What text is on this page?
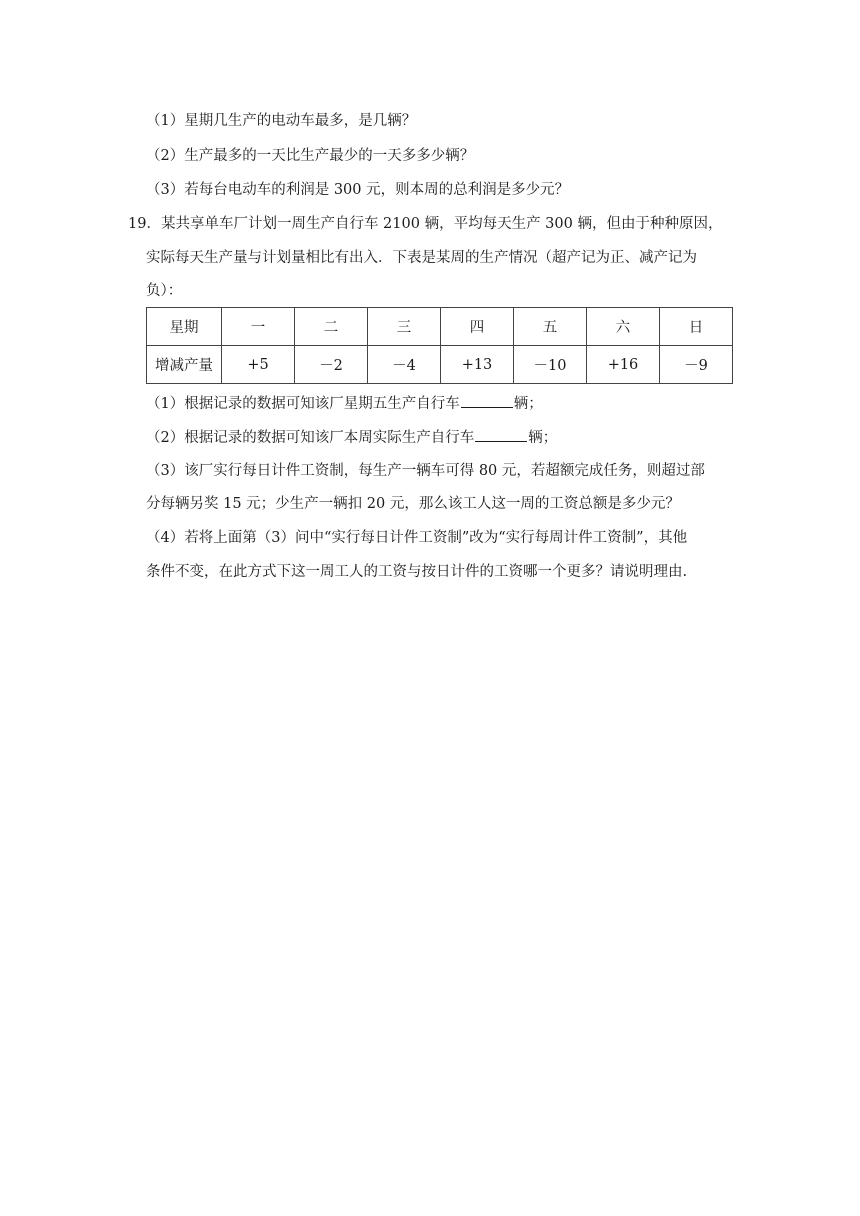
（1）星期几生产的电动车最多，是几辆？
（2）生产最多的一天比生产最少的一天多多少辆？
（3）若每台电动车的利润是 300 元，则本周的总利润是多少元？
19．某共享单车厂计划一周生产自行车 2100 辆，平均每天生产 300 辆，但由于种种原因，
实际每天生产量与计划量相比有出入．下表是某周的生产情况（超产记为正、减产记为
负）：
星期	一	二	三	四	五	六	日
增减产量	+5	－2	－4	+13	－10	+16	－9
（1）根据记录的数据可知该厂星期五生产自行车	辆；
（2）根据记录的数据可知该厂本周实际生产自行车	辆；
（3）该厂实行每日计件工资制，每生产一辆车可得 80 元，若超额完成任务，则超过部
分每辆另奖 15 元；少生产一辆扣 20 元，那么该工人这一周的工资总额是多少元？
（4）若将上面第（3）问中“实行每日计件工资制”改为“实行每周计件工资制”，其他
条件不变，在此方式下这一周工人的工资与按日计件的工资哪一个更多？请说明理由.
